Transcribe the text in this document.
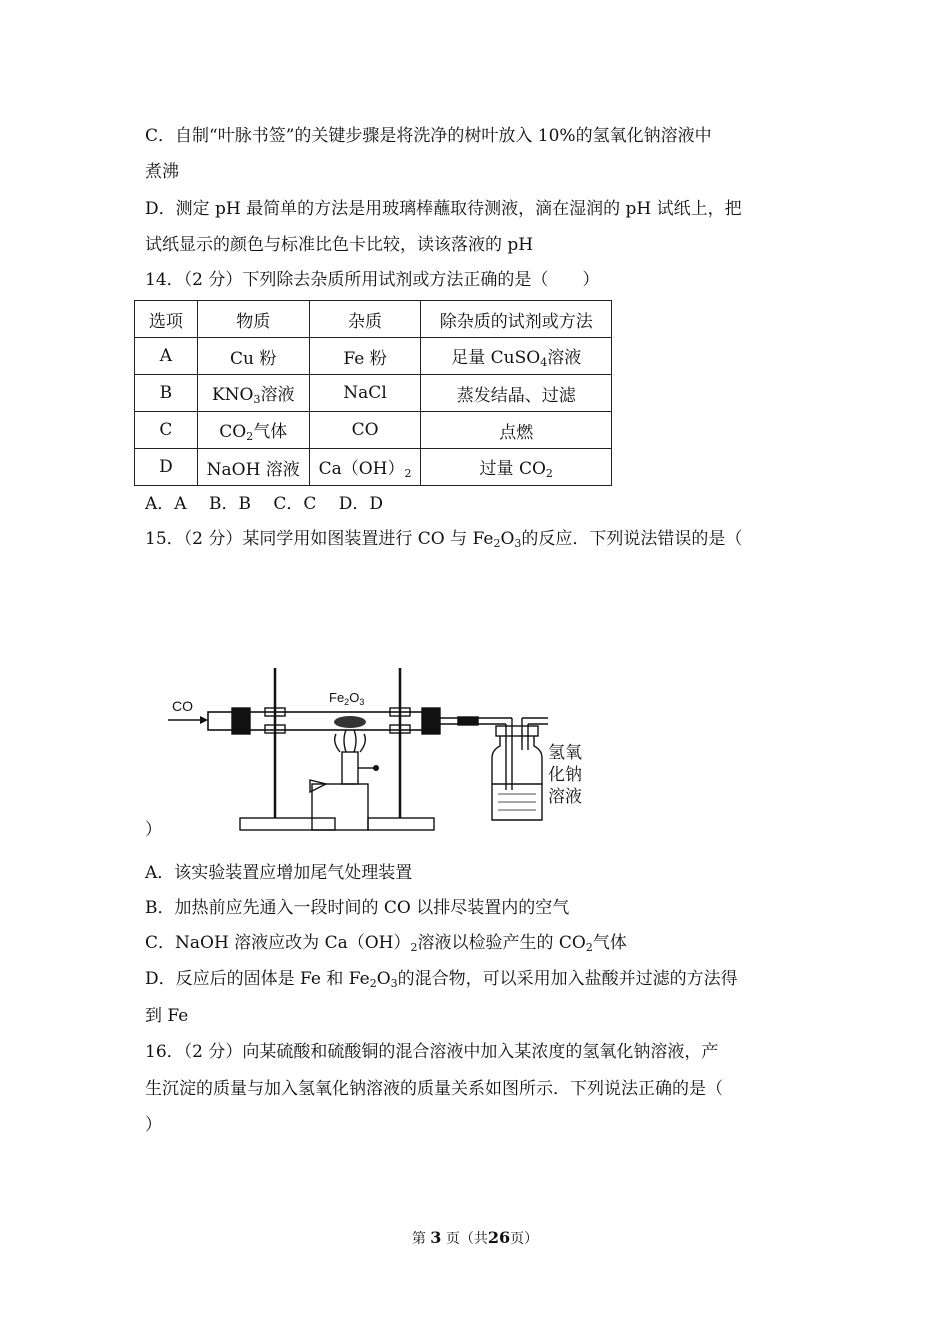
C．自制“叶脉书签”的关键步骤是将洗净的树叶放入 10%的氢氧化钠溶液中
煮沸
D．测定 pH 最简单的方法是用玻璃棒蘸取待测液，滴在湿润的 pH 试纸上，把
试纸显示的颜色与标准比色卡比较，读该落液的 pH
14．（2 分）下列除去杂质所用试剂或方法正确的是（　　）
选项	物质	杂质	除杂质的试剂或方法
A	Cu 粉	Fe 粉	足量 CuSO$_4$溶液
B	$KNO_3$溶液	NaCl	蒸发结晶、过滤
C	$CO_2$气体	CO	点燃
D	NaOH 溶液	$Ca(OH)_2$	过量 $CO_2$
A．A　 B．B　 C．C　 D．D
15．（2 分）某同学用如图装置进行 CO 与 $Fe_2O_3$的反应．下列说法错误的是（
CO
$Fe_2O_3$
氢氧
化钠
溶液
）
A．该实验装置应增加尾气处理装置
B．加热前应先通入一段时间的 CO 以排尽装置内的空气
C．NaOH 溶液应改为 $Ca(OH)_2$溶液以检验产生的 $CO_2$气体
D．反应后的固体是 Fe 和 $Fe_2O_3$的混合物，可以采用加入盐酸并过滤的方法得
到 Fe
16．（2 分）向某硫酸和硫酸铜的混合溶液中加入某浓度的氢氧化钠溶液，产
生沉淀的质量与加入氢氧化钠溶液的质量关系如图所示．下列说法正确的是（
）
第 3 页（共26页）
